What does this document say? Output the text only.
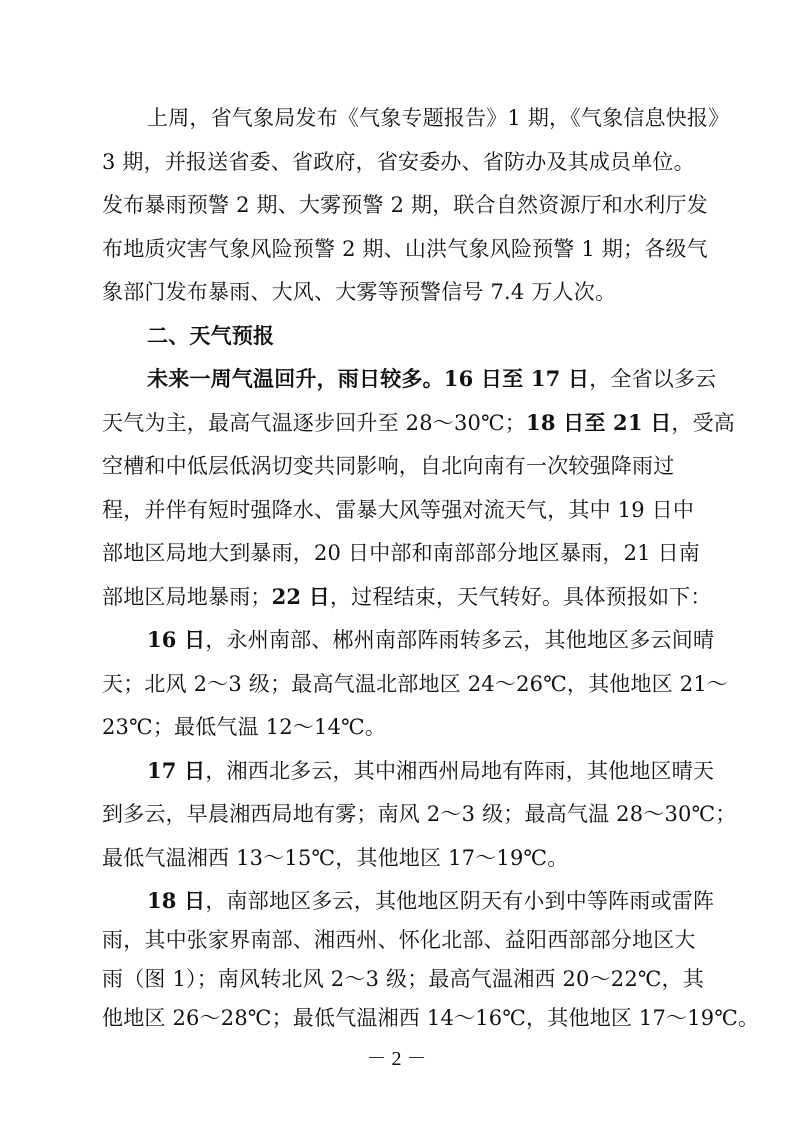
上周，省气象局发布《气象专题报告》1 期，《气象信息快报》
3 期，并报送省委、省政府，省安委办、省防办及其成员单位。
发布暴雨预警 2 期、大雾预警 2 期，联合自然资源厅和水利厅发
布地质灾害气象风险预警 2 期、山洪气象风险预警 1 期；各级气
象部门发布暴雨、大风、大雾等预警信号 7.4 万人次。
二、天气预报
未来一周气温回升，雨日较多。16 日至 17 日，全省以多云
天气为主，最高气温逐步回升至 28～30℃；18 日至 21 日，受高
空槽和中低层低涡切变共同影响，自北向南有一次较强降雨过
程，并伴有短时强降水、雷暴大风等强对流天气，其中 19 日中
部地区局地大到暴雨，20 日中部和南部部分地区暴雨，21 日南
部地区局地暴雨；22 日，过程结束，天气转好。具体预报如下：
16 日，永州南部、郴州南部阵雨转多云，其他地区多云间晴
天；北风 2～3 级；最高气温北部地区 24～26℃，其他地区 21～
23℃；最低气温 12～14℃。
17 日，湘西北多云，其中湘西州局地有阵雨，其他地区晴天
到多云，早晨湘西局地有雾；南风 2～3 级；最高气温 28～30℃；
最低气温湘西 13～15℃，其他地区 17～19℃。
18 日，南部地区多云，其他地区阴天有小到中等阵雨或雷阵
雨，其中张家界南部、湘西州、怀化北部、益阳西部部分地区大
雨（图 1）；南风转北风 2～3 级；最高气温湘西 20～22℃，其
－ 2 －
他地区 26～28℃；最低气温湘西 14～16℃，其他地区 17～19℃。
